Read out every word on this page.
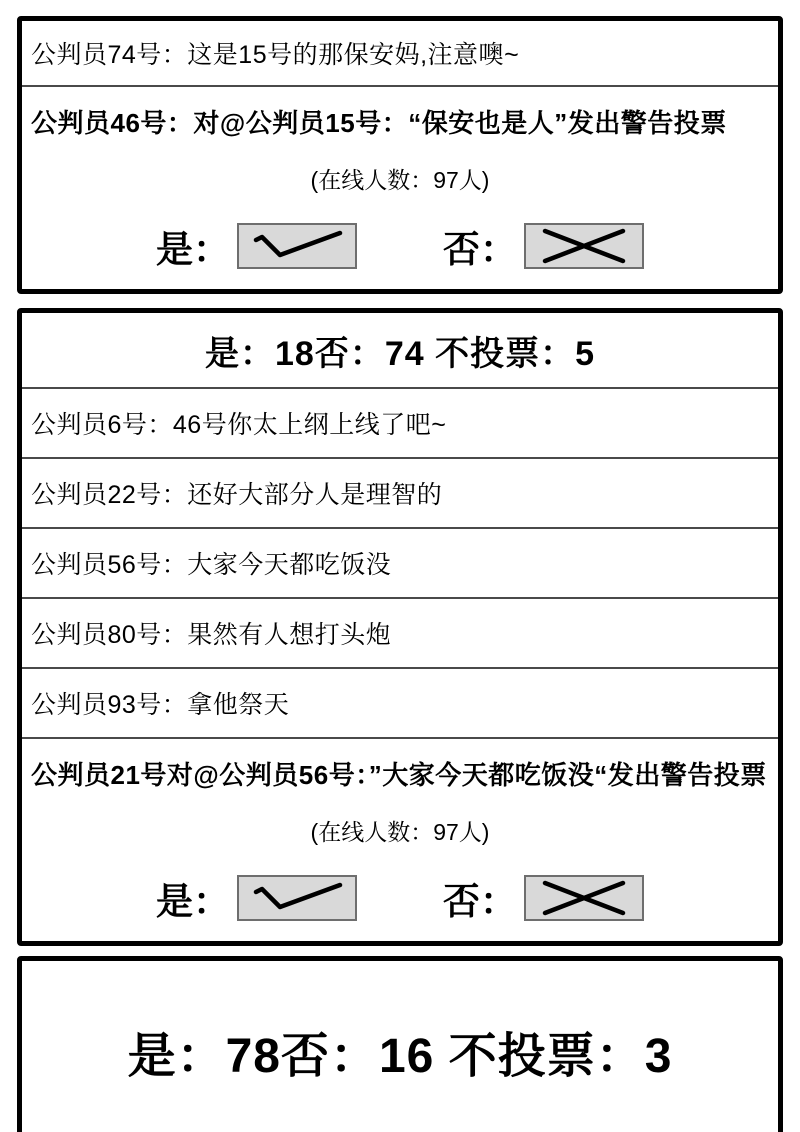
公判员74号：这是15号的那保安妈,注意噢~
公判员46号：对@公判员15号：“保安也是人”发出警告投票
(在线人数：97人)
是：	否：
是：18否：74 不投票：5
公判员6号：46号你太上纲上线了吧~
公判员22号：还好大部分人是理智的
公判员56号：大家今天都吃饭没
公判员80号：果然有人想打头炮
公判员93号：拿他祭天
公判员21号对@公判员56号：”大家今天都吃饭没“发出警告投票
(在线人数：97人)
是：	否：
是：78否：16 不投票：3
